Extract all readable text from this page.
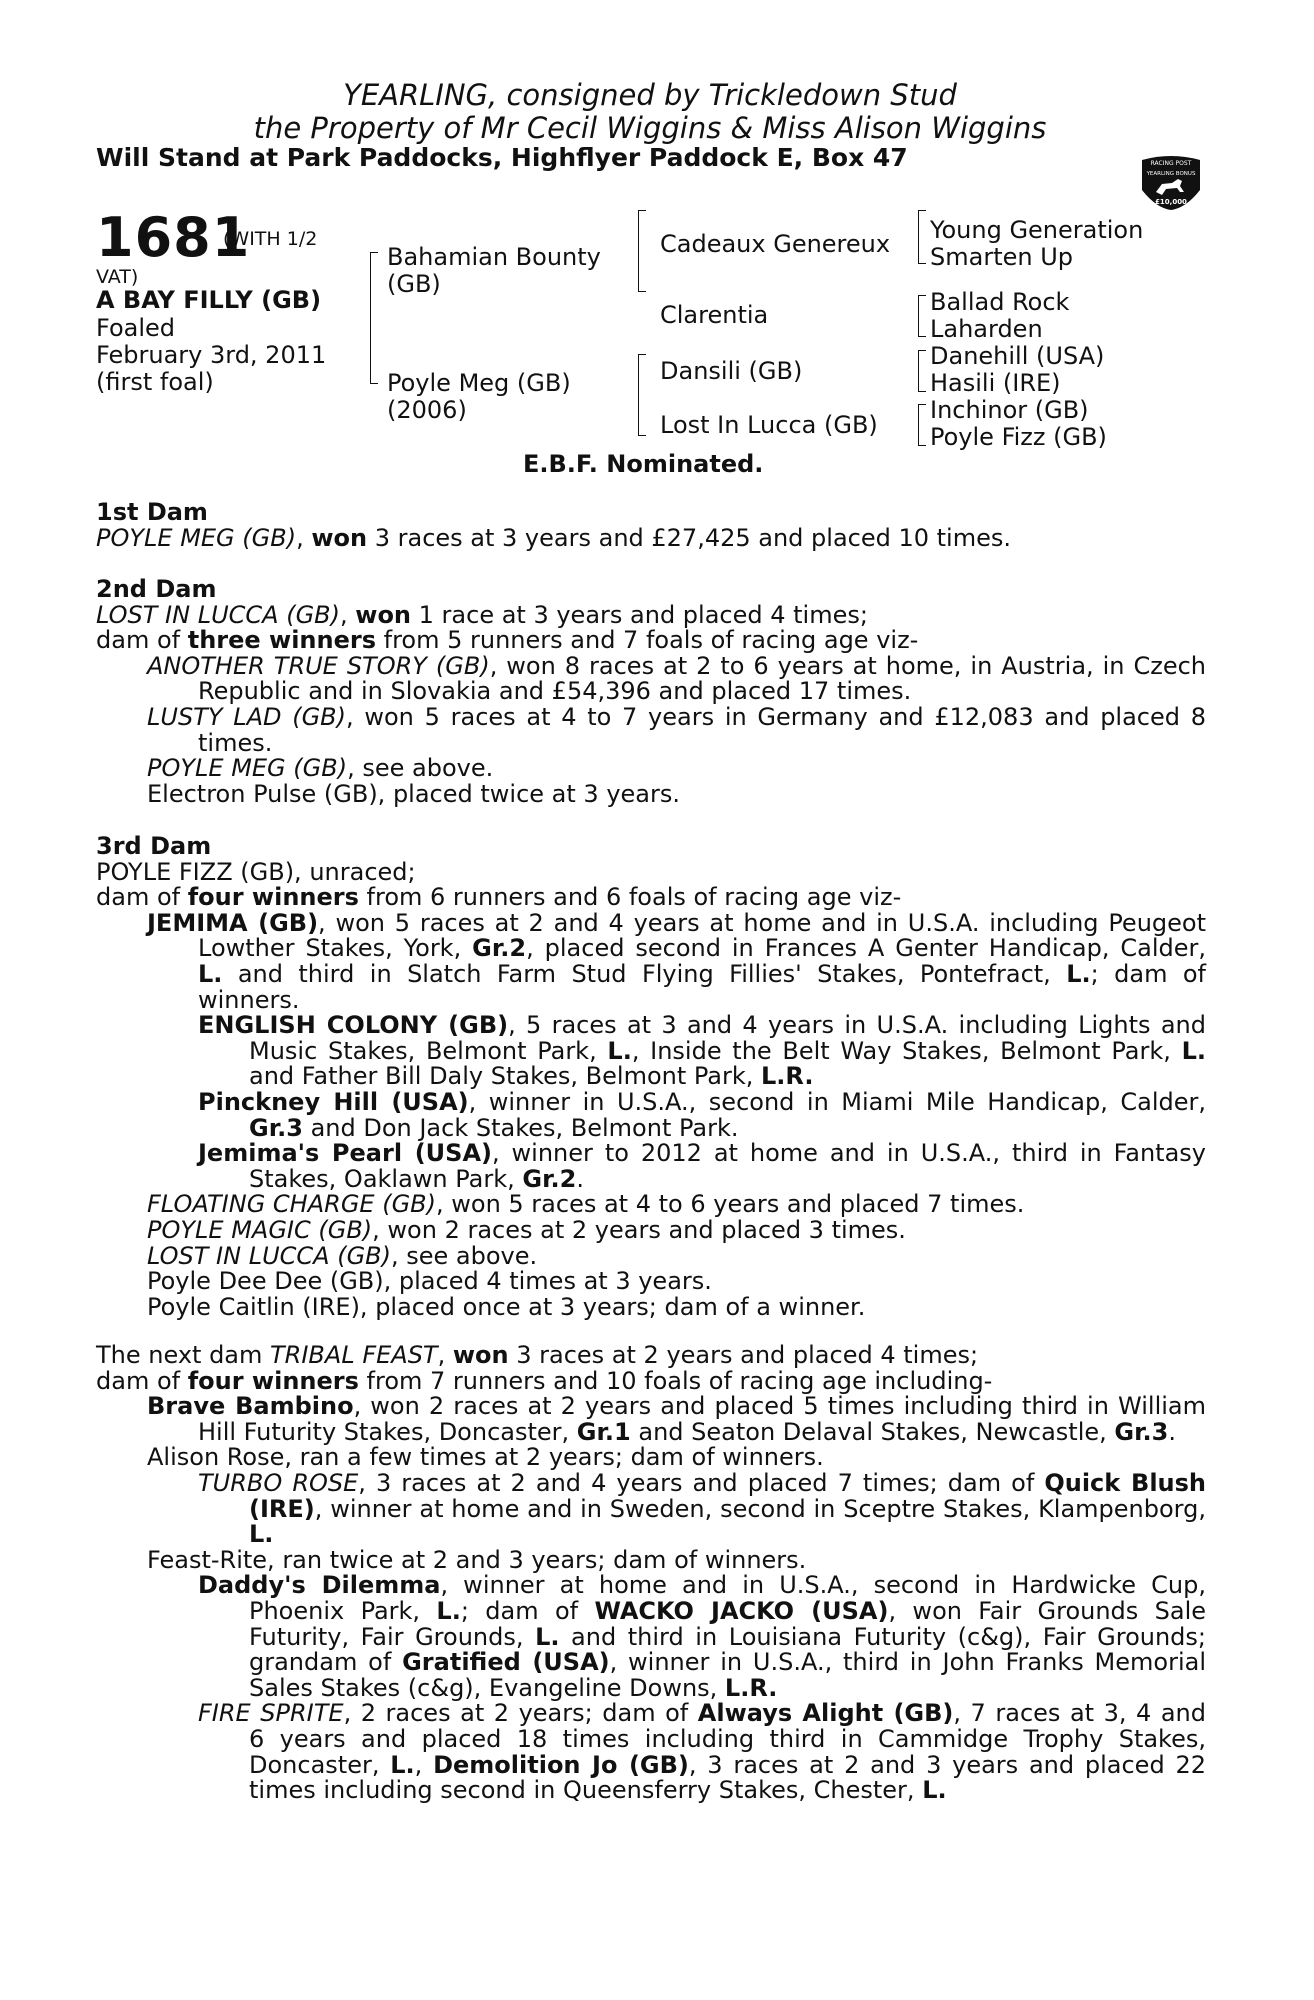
YEARLING, consigned by Trickledown Stud
the Property of Mr Cecil Wiggins & Miss Alison Wiggins
Will Stand at Park Paddocks, Highflyer Paddock E, Box 47	RACING POST
YEARLING BONUS
£10,000
1681
(WITH 1/2
VAT)
A BAY FILLY (GB)
Foaled
February 3rd, 2011
(first foal)
Bahamian Bounty
(GB)
Poyle Meg (GB)
(2006)
Cadeaux Genereux
Clarentia
Dansili (GB)
Lost In Lucca (GB)
Young Generation
Smarten Up
Ballad Rock
Laharden
Danehill (USA)
Hasili (IRE)
Inchinor (GB)
Poyle Fizz (GB)
E.B.F. Nominated.

1st Dam

POYLE MEG (GB), won 3 races at 3 years and £27,425 and placed 10 times.

2nd Dam

LOST IN LUCCA (GB), won 1 race at 3 years and placed 4 times;

dam of three winners from 5 runners and 7 foals of racing age viz-

ANOTHER TRUE STORY (GB), won 8 races at 2 to 6 years at home, in Austria, in Czech

Republic and in Slovakia and £54,396 and placed 17 times.

LUSTY LAD (GB), won 5 races at 4 to 7 years in Germany and £12,083 and placed 8

times.

POYLE MEG (GB), see above.

Electron Pulse (GB), placed twice at 3 years.

3rd Dam

POYLE FIZZ (GB), unraced;

dam of four winners from 6 runners and 6 foals of racing age viz-

JEMIMA (GB), won 5 races at 2 and 4 years at home and in U.S.A. including Peugeot

Lowther Stakes, York, Gr.2, placed second in Frances A Genter Handicap, Calder,

L. and third in Slatch Farm Stud Flying Fillies' Stakes, Pontefract, L.; dam of

winners.

ENGLISH COLONY (GB), 5 races at 3 and 4 years in U.S.A. including Lights and

Music Stakes, Belmont Park, L., Inside the Belt Way Stakes, Belmont Park, L.

and Father Bill Daly Stakes, Belmont Park, L.R.

Pinckney Hill (USA), winner in U.S.A., second in Miami Mile Handicap, Calder,

Gr.3 and Don Jack Stakes, Belmont Park.

Jemima's Pearl (USA), winner to 2012 at home and in U.S.A., third in Fantasy

Stakes, Oaklawn Park, Gr.2.

FLOATING CHARGE (GB), won 5 races at 4 to 6 years and placed 7 times.

POYLE MAGIC (GB), won 2 races at 2 years and placed 3 times.

LOST IN LUCCA (GB), see above.

Poyle Dee Dee (GB), placed 4 times at 3 years.

Poyle Caitlin (IRE), placed once at 3 years; dam of a winner.

The next dam TRIBAL FEAST, won 3 races at 2 years and placed 4 times;

dam of four winners from 7 runners and 10 foals of racing age including-

Brave Bambino, won 2 races at 2 years and placed 5 times including third in William

Hill Futurity Stakes, Doncaster, Gr.1 and Seaton Delaval Stakes, Newcastle, Gr.3.

Alison Rose, ran a few times at 2 years; dam of winners.

TURBO ROSE, 3 races at 2 and 4 years and placed 7 times; dam of Quick Blush

(IRE), winner at home and in Sweden, second in Sceptre Stakes, Klampenborg,

L.

Feast-Rite, ran twice at 2 and 3 years; dam of winners.

Daddy's Dilemma, winner at home and in U.S.A., second in Hardwicke Cup,

Phoenix Park, L.; dam of WACKO JACKO (USA), won Fair Grounds Sale

Futurity, Fair Grounds, L. and third in Louisiana Futurity (c&g), Fair Grounds;

grandam of Gratified (USA), winner in U.S.A., third in John Franks Memorial

Sales Stakes (c&g), Evangeline Downs, L.R.

FIRE SPRITE, 2 races at 2 years; dam of Always Alight (GB), 7 races at 3, 4 and

6 years and placed 18 times including third in Cammidge Trophy Stakes,

Doncaster, L., Demolition Jo (GB), 3 races at 2 and 3 years and placed 22

times including second in Queensferry Stakes, Chester, L.
